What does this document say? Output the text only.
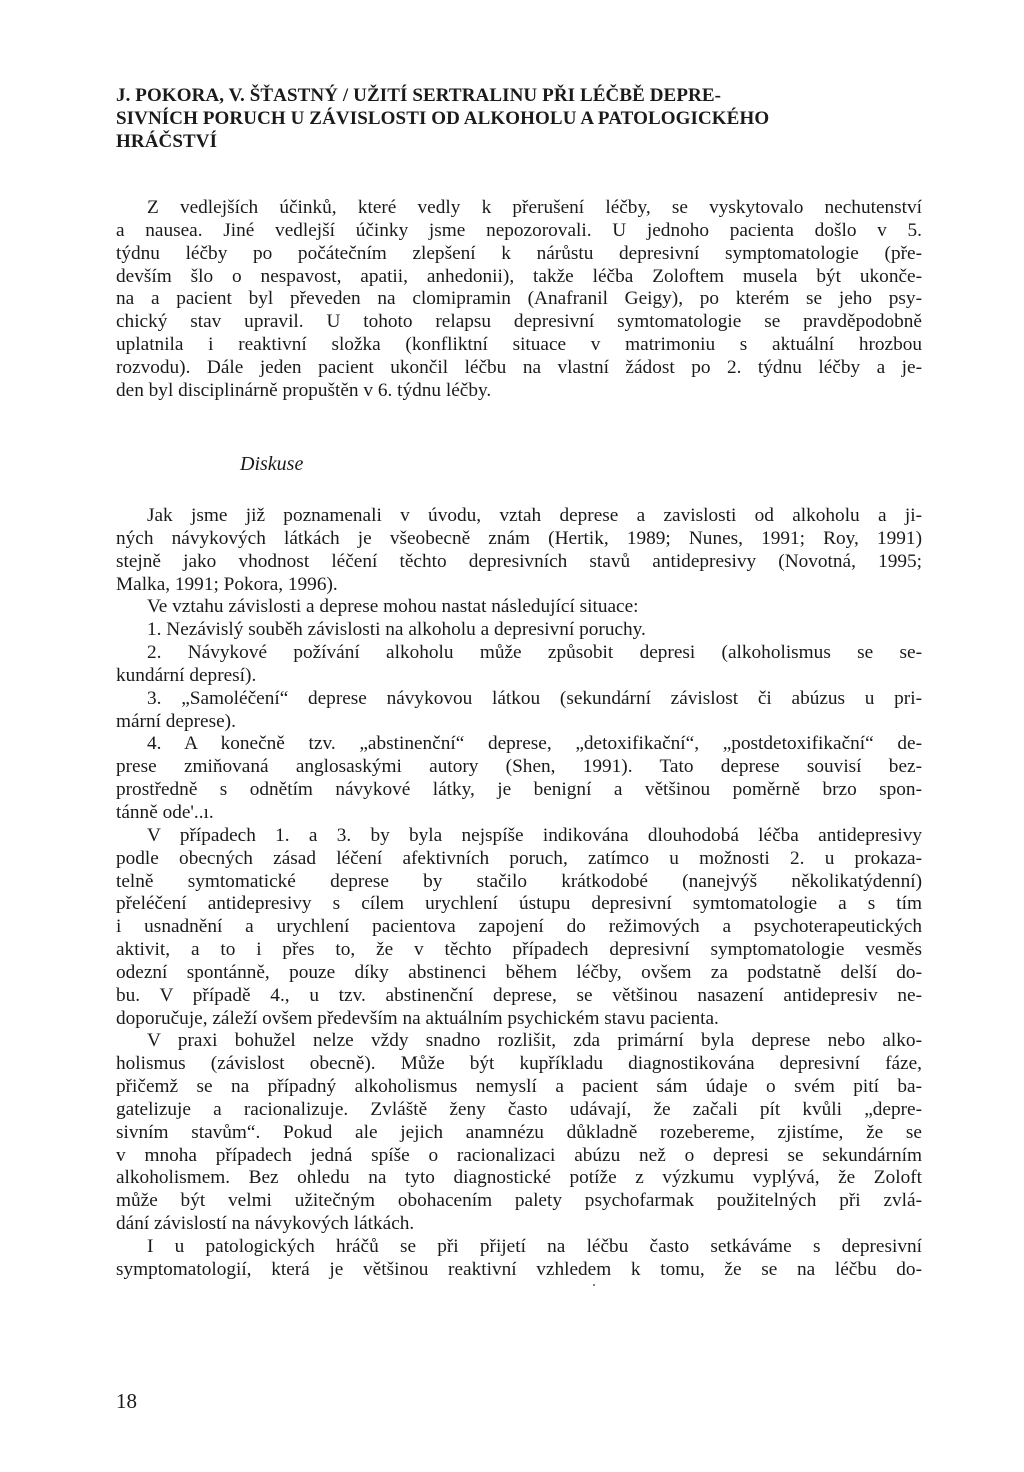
J. POKORA, V. ŠŤASTNÝ / UŽITÍ SERTRALINU PŘI LÉČBĚ DEPRE-
SIVNÍCH PORUCH U ZÁVISLOSTI OD ALKOHOLU A PATOLOGICKÉHO
HRÁČSTVÍ
Z vedlejších účinků, které vedly k přerušení léčby, se vyskytovalo nechutenství
a nausea. Jiné vedlejší účinky jsme nepozorovali. U jednoho pacienta došlo v 5.
týdnu léčby po počátečním zlepšení k nárůstu depresivní symptomatologie (pře-
devším šlo o nespavost, apatii, anhedonii), takže léčba Zoloftem musela být ukonče-
na a pacient byl převeden na clomipramin (Anafranil Geigy), po kterém se jeho psy-
chický stav upravil. U tohoto relapsu depresivní symtomatologie se pravděpodobně
uplatnila i reaktivní složka (konfliktní situace v matrimoniu s aktuální hrozbou
rozvodu). Dále jeden pacient ukončil léčbu na vlastní žádost po 2. týdnu léčby a je-
den byl disciplinárně propuštěn v 6. týdnu léčby.
Diskuse
Jak jsme již poznamenali v úvodu, vztah deprese a zavislosti od alkoholu a ji-
ných návykových látkách je všeobecně znám (Hertik, 1989; Nunes, 1991; Roy, 1991)
stejně jako vhodnost léčení těchto depresivních stavů antidepresivy (Novotná, 1995;
Malka, 1991; Pokora, 1996).
Ve vztahu závislosti a deprese mohou nastat následující situace:
1. Nezávislý souběh závislosti na alkoholu a depresivní poruchy.
2. Návykové požívání alkoholu může způsobit depresi (alkoholismus se se-
kundární depresí).
3. „Samoléčení“ deprese návykovou látkou (sekundární závislost či abúzus u pri-
mární deprese).
4. A konečně tzv. „abstinenční“ deprese, „detoxifikační“, „postdetoxifikační“ de-
prese zmiňovaná anglosaskými autory (Shen, 1991). Tato deprese souvisí bez-
prostředně s odnětím návykové látky, je benigní a většinou poměrně brzo spon-
tánně ode'..ı.
V případech 1. a 3. by byla nejspíše indikována dlouhodobá léčba antidepresivy
podle obecných zásad léčení afektivních poruch, zatímco u možnosti 2. u prokaza-
telně symtomatické deprese by stačilo krátkodobé (nanejvýš několikatýdenní)
přeléčení antidepresivy s cílem urychlení ústupu depresivní symtomatologie a s tím
i usnadnění a urychlení pacientova zapojení do režimových a psychoterapeutických
aktivit, a to i přes to, že v těchto případech depresivní symptomatologie vesměs
odezní spontánně, pouze díky abstinenci během léčby, ovšem za podstatně delší do-
bu. V případě 4., u tzv. abstinenční deprese, se většinou nasazení antidepresiv ne-
doporučuje, záleží ovšem především na aktuálním psychickém stavu pacienta.
V praxi bohužel nelze vždy snadno rozlišit, zda primární byla deprese nebo alko-
holismus (závislost obecně). Může být kupříkladu diagnostikována depresivní fáze,
přičemž se na případný alkoholismus nemyslí a pacient sám údaje o svém pití ba-
gatelizuje a racionalizuje. Zvláště ženy často udávají, že začali pít kvůli „depre-
sivním stavům“. Pokud ale jejich anamnézu důkladně rozebereme, zjistíme, že se
v mnoha případech jedná spíše o racionalizaci abúzu než o depresi se sekundárním
alkoholismem. Bez ohledu na tyto diagnostické potíže z výzkumu vyplývá, že Zoloft
může být velmi užitečným obohacením palety psychofarmak použitelných při zvlá-
dání závislostí na návykových látkách.
I u patologických hráčů se při přijetí na léčbu často setkáváme s depresivní
symptomatologií, která je většinou reaktivní vzhledem k tomu, že se na léčbu do-
18
